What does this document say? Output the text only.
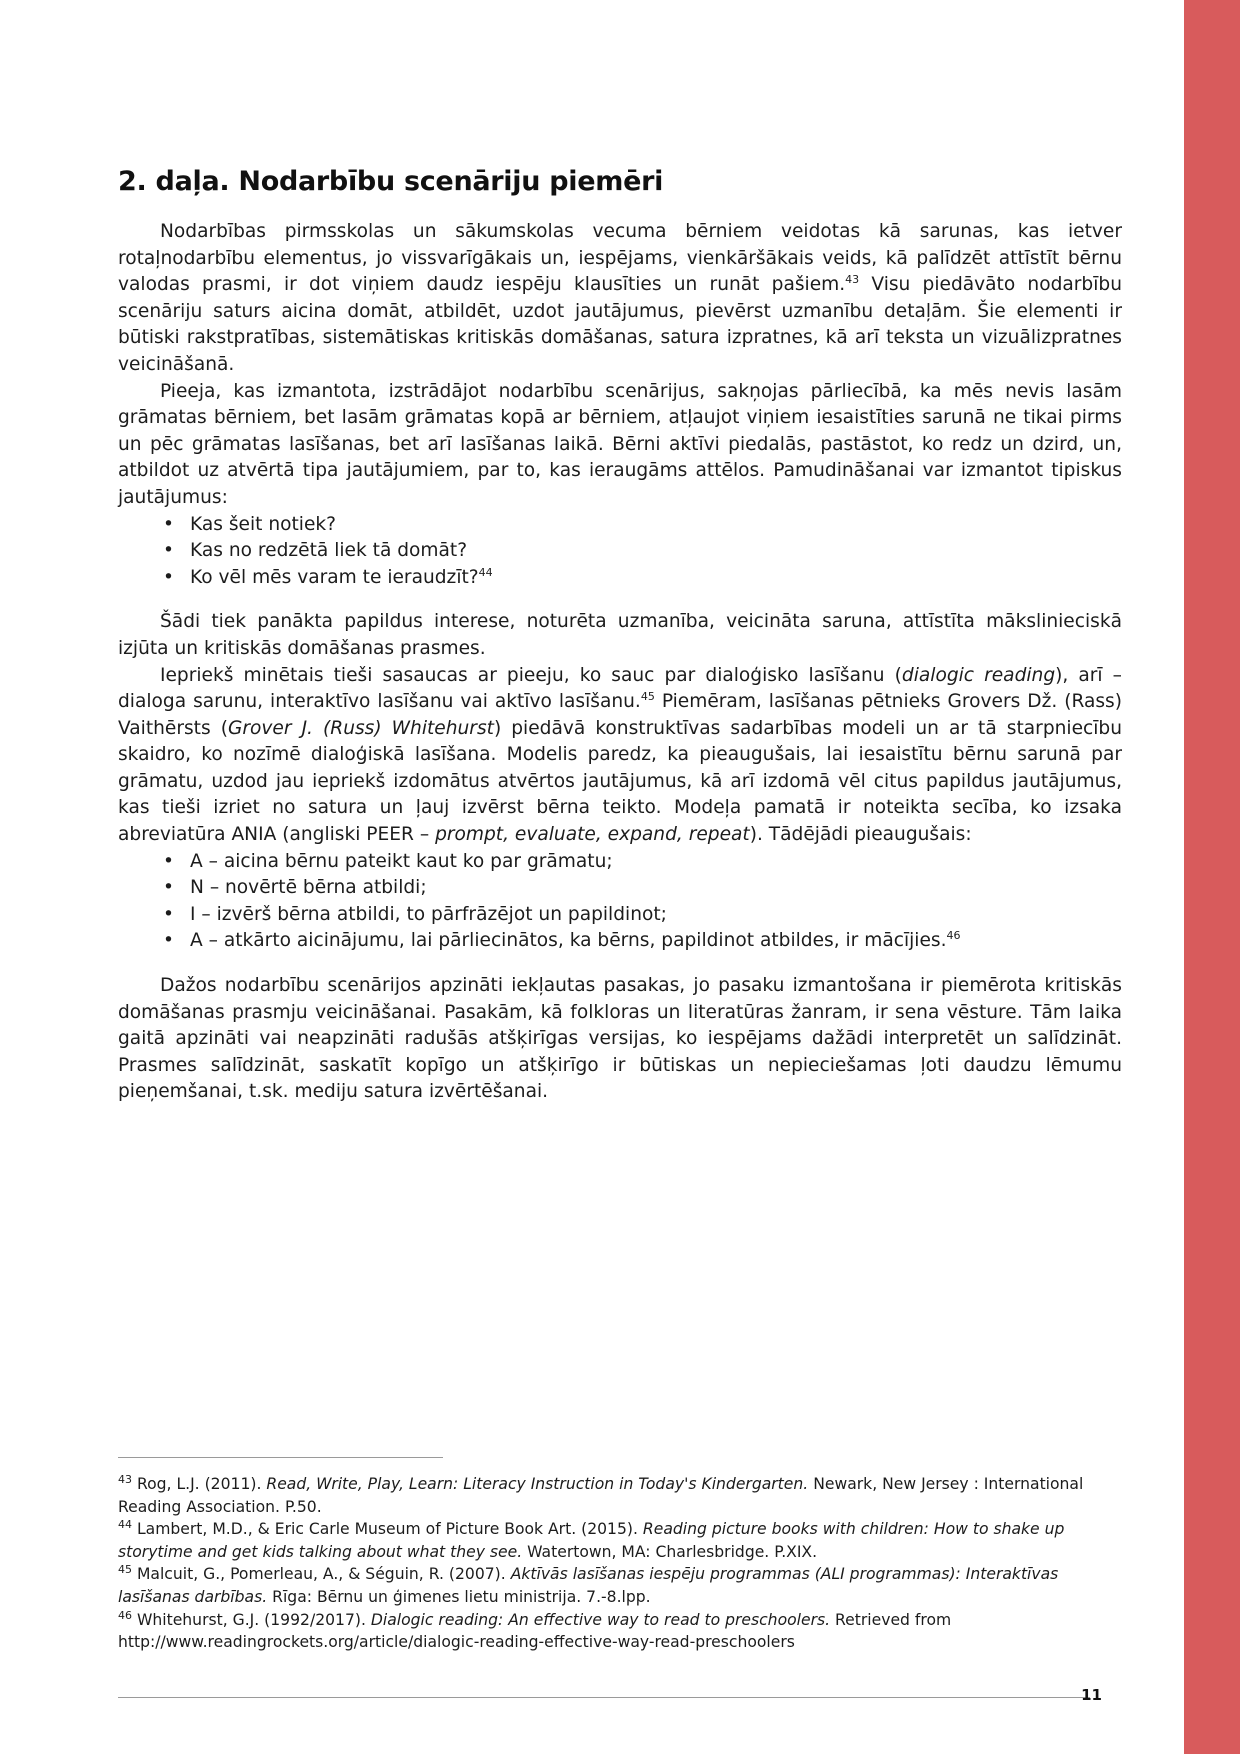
2. daļa. Nodarbību scenāriju piemēri

Nodarbības pirmsskolas un sākumskolas vecuma bērniem veidotas kā sarunas, kas ietver rotaļnodarbību elementus, jo vissvarīgākais un, iespējams, vienkāršākais veids, kā palīdzēt attīstīt bērnu valodas prasmi, ir dot viņiem daudz iespēju klausīties un runāt pašiem.$^{43}$ Visu piedāvāto nodarbību scenāriju saturs aicina domāt, atbildēt, uzdot jautājumus, pievērst uzmanību detaļām. Šie elementi ir būtiski rakstpratības, sistemātiskas kritiskās domāšanas, satura izpratnes, kā arī teksta un vizuālizpratnes veicināšanā.

Pieeja, kas izmantota, izstrādājot nodarbību scenārijus, sakņojas pārliecībā, ka mēs nevis lasām grāmatas bērniem, bet lasām grāmatas kopā ar bērniem, atļaujot viņiem iesaistīties sarunā ne tikai pirms un pēc grāmatas lasīšanas, bet arī lasīšanas laikā. Bērni aktīvi piedalās, pastāstot, ko redz un dzird, un, atbildot uz atvērtā tipa jautājumiem, par to, kas ieraugāms attēlos. Pamudināšanai var izmantot tipiskus jautājumus:

• Kas šeit notiek?
• Kas no redzētā liek tā domāt?
• Ko vēl mēs varam te ieraudzīt?$^{44}$

Šādi tiek panākta papildus interese, noturēta uzmanība, veicināta saruna, attīstīta mākslinieciskā izjūta un kritiskās domāšanas prasmes.

Iepriekš minētais tieši sasaucas ar pieeju, ko sauc par dialoģisko lasīšanu (dialogic reading), arī – dialoga sarunu, interaktīvo lasīšanu vai aktīvo lasīšanu.$^{45}$ Piemēram, lasīšanas pētnieks Grovers Dž. (Rass) Vaithērsts (Grover J. (Russ) Whitehurst) piedāvā konstruktīvas sadarbības modeli un ar tā starpniecību skaidro, ko nozīmē dialoģiskā lasīšana. Modelis paredz, ka pieaugušais, lai iesaistītu bērnu sarunā par grāmatu, uzdod jau iepriekš izdomātus atvērtos jautājumus, kā arī izdomā vēl citus papildus jautājumus, kas tieši izriet no satura un ļauj izvērst bērna teikto. Modeļa pamatā ir noteikta secība, ko izsaka abreviatūra ANIA (angliski PEER – prompt, evaluate, expand, repeat). Tādējādi pieaugušais:

• A – aicina bērnu pateikt kaut ko par grāmatu;
• N – novērtē bērna atbildi;
• I – izvērš bērna atbildi, to pārfrāzējot un papildinot;
• A – atkārto aicinājumu, lai pārliecinātos, ka bērns, papildinot atbildes, ir mācījies.$^{46}$

Dažos nodarbību scenārijos apzināti iekļautas pasakas, jo pasaku izmantošana ir piemērota kritiskās domāšanas prasmju veicināšanai. Pasakām, kā folkloras un literatūras žanram, ir sena vēsture. Tām laika gaitā apzināti vai neapzināti radušās atšķirīgas versijas, ko iespējams dažādi interpretēt un salīdzināt. Prasmes salīdzināt, saskatīt kopīgo un atšķirīgo ir būtiskas un nepieciešamas ļoti daudzu lēmumu pieņemšanai, t.sk. mediju satura izvērtēšanai.

$^{43}$ Rog, L.J. (2011). Read, Write, Play, Learn: Literacy Instruction in Today's Kindergarten. Newark, New Jersey : International Reading Association. P.50.

$^{44}$ Lambert, M.D., & Eric Carle Museum of Picture Book Art. (2015). Reading picture books with children: How to shake up storytime and get kids talking about what they see. Watertown, MA: Charlesbridge. P.XIX.

$^{45}$ Malcuit, G., Pomerleau, A., & Séguin, R. (2007). Aktīvās lasīšanas iespēju programmas (ALI programmas): Interaktīvas lasīšanas darbības. Rīga: Bērnu un ģimenes lietu ministrija. 7.-8.lpp.

$^{46}$ Whitehurst, G.J. (1992/2017). Dialogic reading: An effective way to read to preschoolers. Retrieved from http://www.readingrockets.org/article/dialogic-reading-effective-way-read-preschoolers

11
